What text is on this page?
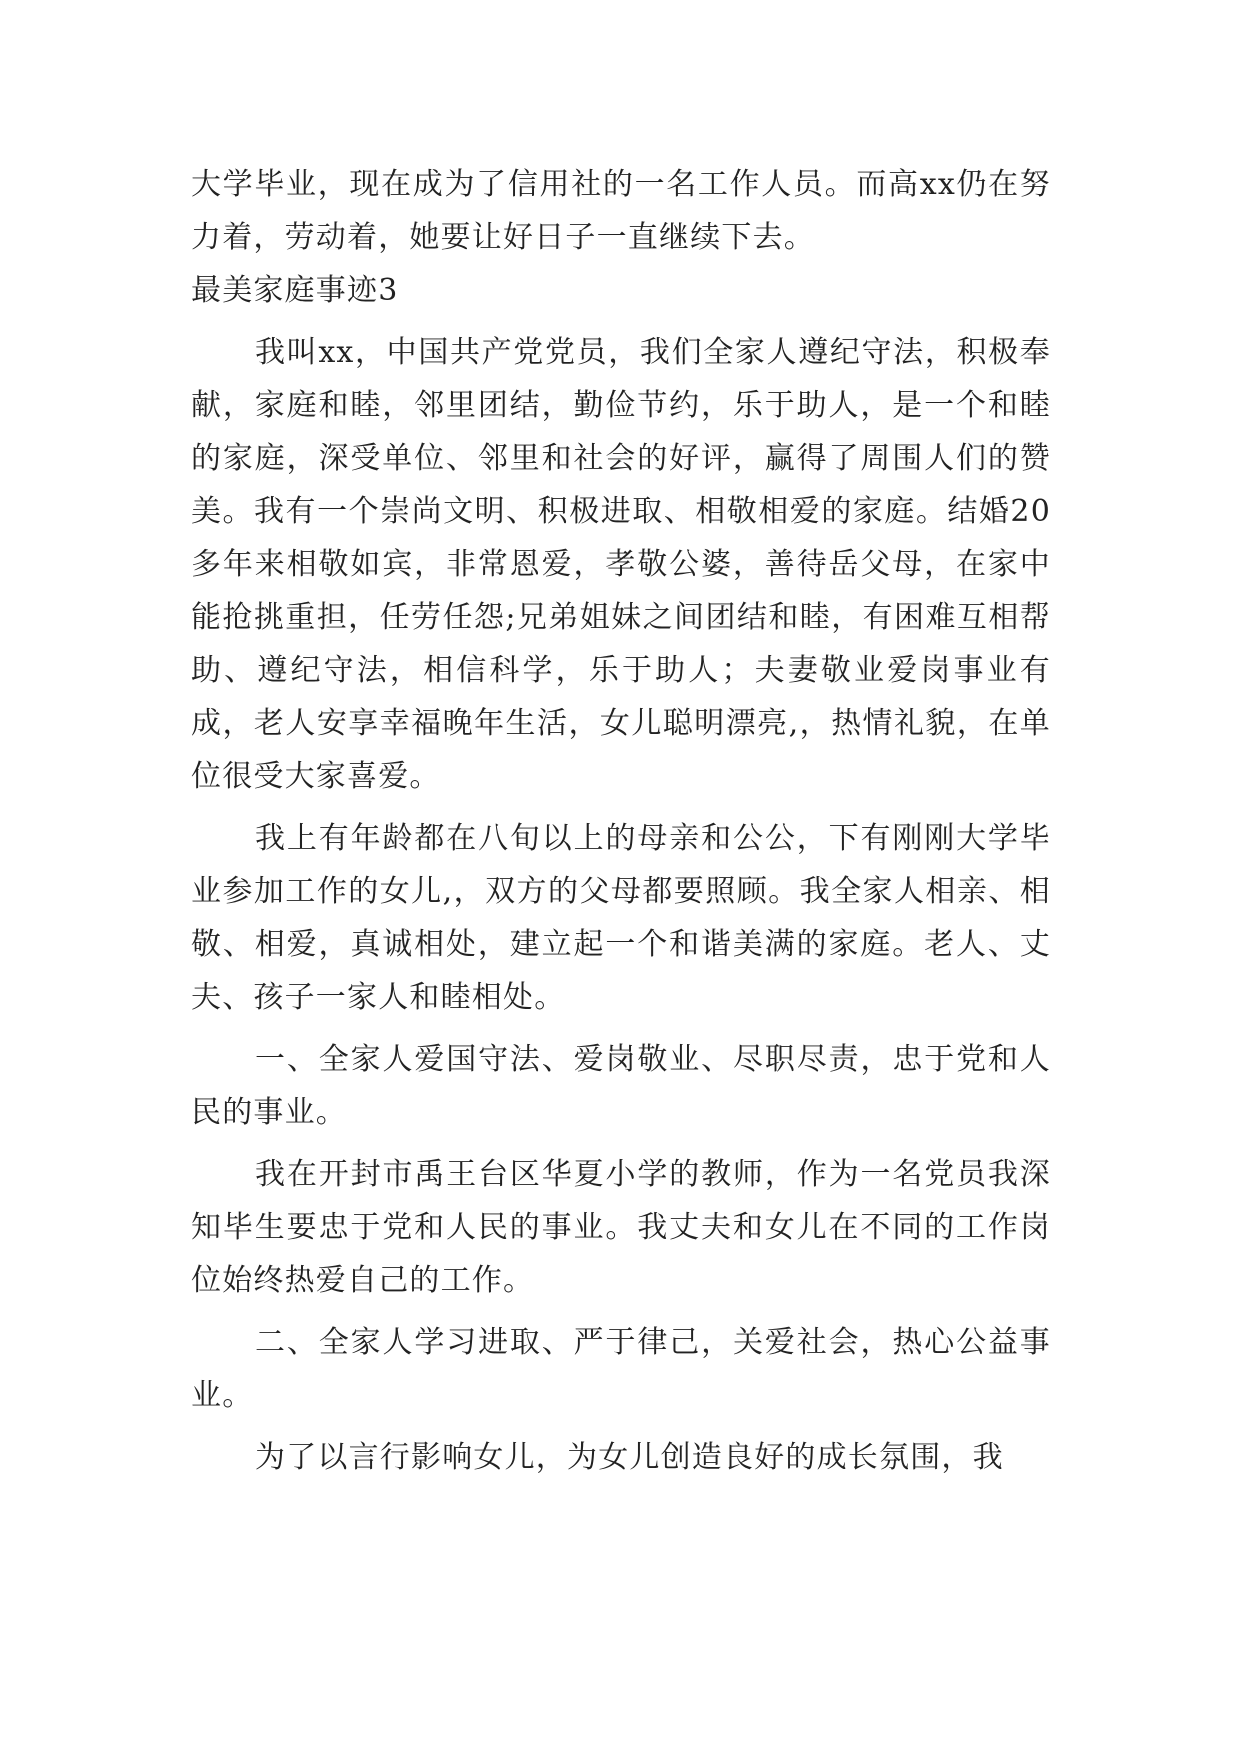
大学毕业，现在成为了信用社的一名工作人员。而高xx仍在努力着，劳动着，她要让好日子一直继续下去。

最美家庭事迹3

我叫xx，中国共产党党员，我们全家人遵纪守法，积极奉献，家庭和睦，邻里团结，勤俭节约，乐于助人，是一个和睦的家庭，深受单位、邻里和社会的好评，赢得了周围人们的赞美。我有一个崇尚文明、积极进取、相敬相爱的家庭。结婚20多年来相敬如宾，非常恩爱，孝敬公婆，善待岳父母，在家中能抢挑重担，任劳任怨;兄弟姐妹之间团结和睦，有困难互相帮助、遵纪守法，相信科学，乐于助人；夫妻敬业爱岗事业有成，老人安享幸福晚年生活，女儿聪明漂亮,，热情礼貌，在单位很受大家喜爱。

我上有年龄都在八旬以上的母亲和公公，下有刚刚大学毕业参加工作的女儿,，双方的父母都要照顾。我全家人相亲、相敬、相爱，真诚相处，建立起一个和谐美满的家庭。老人、丈夫、孩子一家人和睦相处。

一、全家人爱国守法、爱岗敬业、尽职尽责，忠于党和人民的事业。

我在开封市禹王台区华夏小学的教师，作为一名党员我深知毕生要忠于党和人民的事业。我丈夫和女儿在不同的工作岗位始终热爱自己的工作。

二、全家人学习进取、严于律己，关爱社会，热心公益事业。

为了以言行影响女儿，为女儿创造良好的成长氛围，我
